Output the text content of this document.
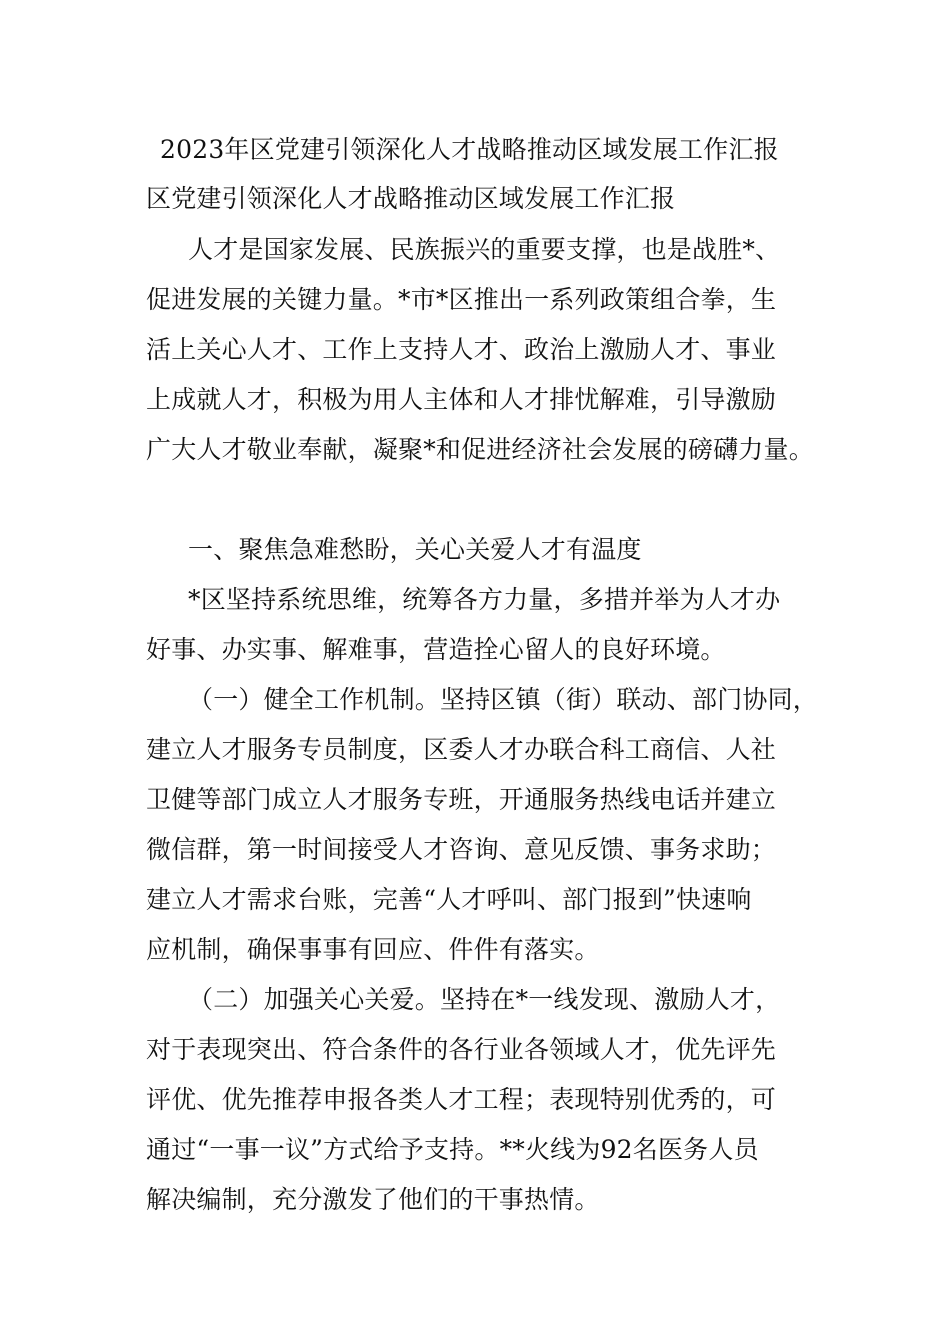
2023年区党建引领深化人才战略推动区域发展工作汇报
区党建引领深化人才战略推动区域发展工作汇报
人才是国家发展、民族振兴的重要支撑，也是战胜*、
促进发展的关键力量。*市*区推出一系列政策组合拳，生
活上关心人才、工作上支持人才、政治上激励人才、事业
上成就人才，积极为用人主体和人才排忧解难，引导激励
广大人才敬业奉献，凝聚*和促进经济社会发展的磅礴力量。
一、聚焦急难愁盼，关心关爱人才有温度
*区坚持系统思维，统筹各方力量，多措并举为人才办
好事、办实事、解难事，营造拴心留人的良好环境。
（一）健全工作机制。坚持区镇（街）联动、部门协同，
建立人才服务专员制度，区委人才办联合科工商信、人社
卫健等部门成立人才服务专班，开通服务热线电话并建立
微信群，第一时间接受人才咨询、意见反馈、事务求助；
建立人才需求台账，完善“人才呼叫、部门报到”快速响
应机制，确保事事有回应、件件有落实。
（二）加强关心关爱。坚持在*一线发现、激励人才，
对于表现突出、符合条件的各行业各领域人才，优先评先
评优、优先推荐申报各类人才工程；表现特别优秀的，可
通过“一事一议”方式给予支持。**火线为92名医务人员
解决编制，充分激发了他们的干事热情。
